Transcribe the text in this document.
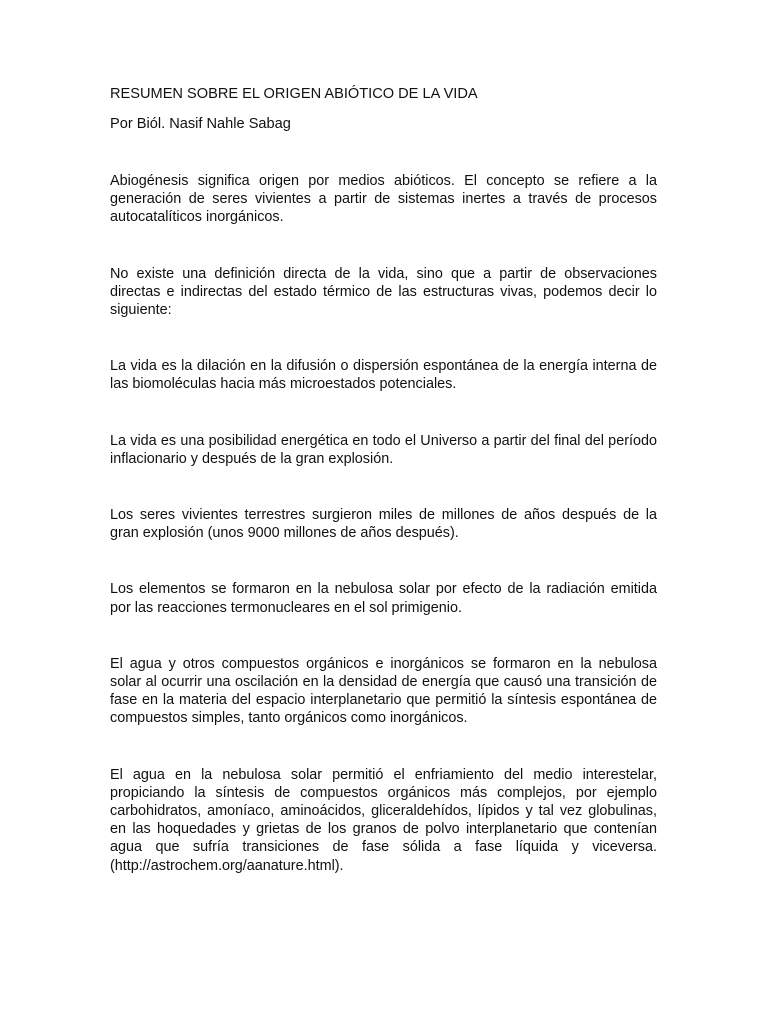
RESUMEN SOBRE EL ORIGEN ABIÓTICO DE LA VIDA

Por Biól. Nasif Nahle Sabag

Abiogénesis significa origen por medios abióticos. El concepto se refiere a la generación de seres vivientes a partir de sistemas inertes a través de procesos autocatalíticos inorgánicos.

No existe una definición directa de la vida, sino que a partir de observaciones directas e indirectas del estado térmico de las estructuras vivas, podemos decir lo siguiente:

La vida es la dilación en la difusión o dispersión espontánea de la energía interna de las biomoléculas hacia más microestados potenciales.

La vida es una posibilidad energética en todo el Universo a partir del final del período inflacionario y después de la gran explosión.

Los seres vivientes terrestres surgieron miles de millones de años después de la gran explosión (unos 9000 millones de años después).

Los elementos se formaron en la nebulosa solar por efecto de la radiación emitida por las reacciones termonucleares en el sol primigenio.

El agua y otros compuestos orgánicos e inorgánicos se formaron en la nebulosa solar al ocurrir una oscilación en la densidad de energía que causó una transición de fase en la materia del espacio interplanetario que permitió la síntesis espontánea de compuestos simples, tanto orgánicos como inorgánicos.

El agua en la nebulosa solar permitió el enfriamiento del medio interestelar, propiciando la síntesis de compuestos orgánicos más complejos, por ejemplo carbohidratos, amoníaco, aminoácidos, gliceraldehídos, lípidos y tal vez globulinas, en las hoquedades y grietas de los granos de polvo interplanetario que contenían agua que sufría transiciones de fase sólida a fase líquida y viceversa. (http://astrochem.org/aanature.html).
